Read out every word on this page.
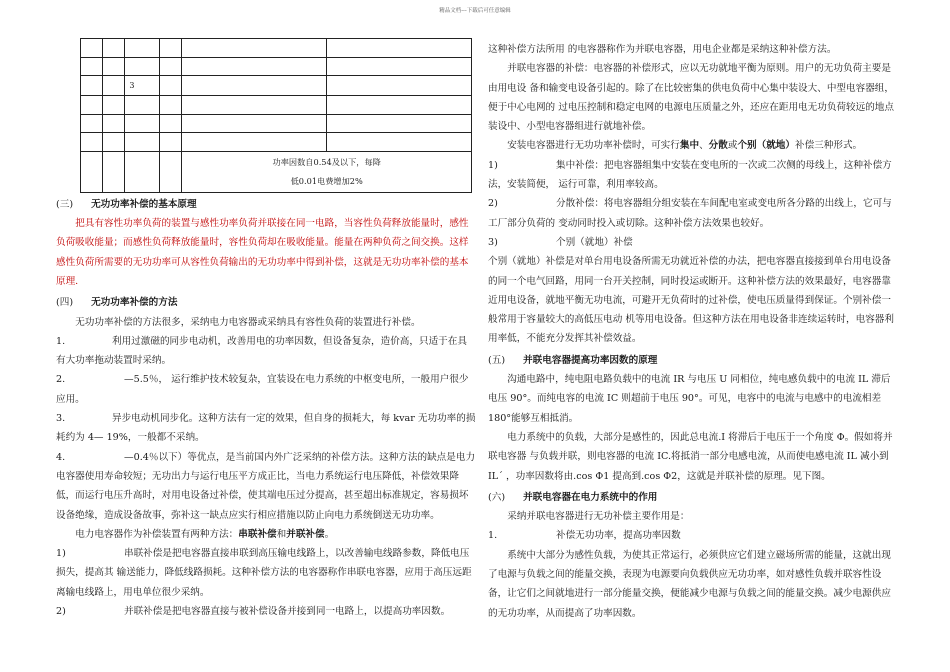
精品文档---下载后可任意编辑

		3			

				功率因数自0.54及以下，每降
低0.01电费增加2%	

(三) 无功功率补偿的基本原理

把具有容性功率负荷的装置与感性功率负荷并联接在同一电路，当容性负荷释放能量时，感性负荷吸收能量；而感性负荷释放能量时，容性负荷却在吸收能量。能量在两种负荷之间交换。这样感性负荷所需要的无功功率可从容性负荷输出的无功功率中得到补偿，这就是无功功率补偿的基本原理.

(四) 无功功率补偿的方法

无功功率补偿的方法很多，采纳电力电容器或采纳具有容性负荷的装置进行补偿。

1.	利用过激磁的同步电动机，改善用电的功率因数，但设备复杂，造价高，只适于在具有大功率拖动装置时采纳。

2.	—5.5％， 运行维护技术较复杂，宜装设在电力系统的中枢变电所，一般用户很少应用。

3.	异步电动机同步化。这种方法有一定的效果，但自身的损耗大，每 kvar 无功功率的损耗约为 4— 19%，一般都不采纳。

4.	—0.4％以下）等优点，是当前国内外广泛采纳的补偿方法。这种方法的缺点是电力电容器使用寿命较短；无功出力与运行电压平方成正比，当电力系统运行电压降低，补偿效果降低，而运行电压升高时，对用电设备过补偿，使其端电压过分提高，甚至超出标准规定，容易损坏设备绝缘，造成设备故事，弥补这一缺点应实行相应措施以防止向电力系统倒送无功功率。

电力电容器作为补偿装置有两种方法：串联补偿和并联补偿。

1)	串联补偿是把电容器直接串联到高压输电线路上，以改善输电线路参数，降低电压损失，提高其 输送能力，降低线路损耗。这种补偿方法的电容器称作串联电容器，应用于高压远距离输电线路上，用电单位很少采纳。

2)	并联补偿是把电容器直接与被补偿设备并接到同一电路上，以提高功率因数。

这种补偿方法所用 的电容器称作为并联电容器，用电企业都是采纳这种补偿方法。

并联电容器的补偿：电容器的补偿形式，应以无功就地平衡为原则。用户的无功负荷主要是由用电设 备和输变电设备引起的。除了在比较密集的供电负荷中心集中装设大、中型电容器组，便于中心电网的 过电压控制和稳定电网的电源电压质量之外，还应在距用电无功负荷较远的地点装设中、小型电容器组进行就地补偿。

安装电容器进行无功功率补偿时，可实行集中、分散或个别（就地）补偿三种形式。

1)	集中补偿：把电容器组集中安装在变电所的一次或二次侧的母线上，这种补偿方法，安装简便， 运行可靠，利用率较高。

2)	分散补偿：将电容器组分组安装在车间配电室或变电所各分路的出线上，它可与工厂部分负荷的 变动同时投入或切除。这种补偿方法效果也较好。

3)	个别（就地）补偿

个别（就地）补偿是对单台用电设备所需无功就近补偿的办法，把电容器直接接到单台用电设备的同一个电气回路，用同一台开关控制，同时投运或断开。这种补偿方法的效果最好，电容器靠近用电设备，就地平衡无功电流，可避开无负荷时的过补偿，使电压质量得到保证。个别补偿一般常用于容量较大的高低压电动 机等用电设备。但这种方法在用电设备非连续运转时，电容器利用率低，不能充分发挥其补偿效益。

(五) 并联电容器提高功率因数的原理

沟通电路中，纯电阻电路负载中的电流 IR 与电压 U 同相位，纯电感负载中的电流 IL 滞后电压 90°。而纯电容的电流 IC 则超前于电压 90°。可见，电容中的电流与电感中的电流相差 180°能够互相抵消。

电力系统中的负载，大部分是感性的，因此总电流.I 将滞后于电压于一个角度 Φ。假如将并联电容器 与负载并联，则电容器的电流 IC.将抵消一部分电感电流，从而使电感电流 IL 减小到 IL´ ，功率因数将由.cos Φ1 提高到.cos Φ2，这就是并联补偿的原理。见下图。

(六) 并联电容器在电力系统中的作用

采纳并联电容器进行无功补偿主要作用是：

1.	补偿无功功率，提高功率因数

系统中大部分为感性负载，为使其正常运行，必须供应它们建立磁场所需的能量，这就出现了电源与负载之间的能量交换，表现为电源要向负载供应无功功率，如对感性负载并联容性设备，让它们之间就地进行一部分能量交换，便能减少电源与负载之间的能量交换。减少电源供应的无功功率，从而提高了功率因数。
